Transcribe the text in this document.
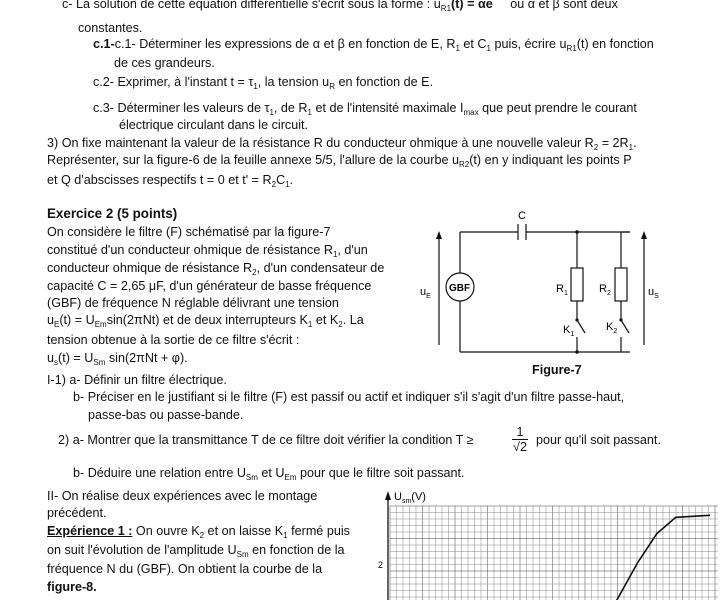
c- La solution de cette équation différentielle s'écrit sous la forme : $u_{R1}(t) = \alpha e$ ou α et β sont deux
constantes.
c.1-c.1- Déterminer les expressions de α et β en fonction de E, $R_1$ et $C_1$ puis, écrire $u_{R1}(t)$ en fonction
de ces grandeurs.
c.2- Exprimer, à l'instant $t = \tau_1$, la tension $u_R$ en fonction de E.
c.3- Déterminer les valeurs de $\tau_1$, de $R_1$ et de l'intensité maximale $I_{max}$ que peut prendre le courant
électrique circulant dans le circuit.
3) On fixe maintenant la valeur de la résistance R du conducteur ohmique à une nouvelle valeur $R_2 = 2R_1$.
Représenter, sur la figure-6 de la feuille annexe 5/5, l'allure de la courbe $u_{R2}(t)$ en y indiquant les points P
et Q d'abscisses respectifs t = 0 et $t' = R_2C_1$.
Exercice 2 (5 points)
On considère le filtre (F) schématisé par la figure-7
constitué d'un conducteur ohmique de résistance $R_1$, d'un
conducteur ohmique de résistance $R_2$, d'un condensateur de
capacité C = 2,65 μF, d'un générateur de basse fréquence
(GBF) de fréquence N réglable délivrant une tension
$u_E(t) = U_{Em}\sin(2\pi Nt)$ et de deux interrupteurs $K_1$ et $K_2$. La
tension obtenue à la sortie de ce filtre s'écrit :
$u_s(t) = U_{Sm}$ sin(2πNt + φ).
I-1) a- Définir un filtre électrique.
b- Préciser en le justifiant si le filtre (F) est passif ou actif et indiquer s'il s'agit d'un filtre passe-haut,
passe-bas ou passe-bande.
2) a- Montrer que la transmittance T de ce filtre doit vérifier la condition T ≥
1
√2 pour qu'il soit passant.
b- Déduire une relation entre $U_{Sm}$ et $U_{Em}$ pour que le filtre soit passant.
II- On réalise deux expériences avec le montage
précédent.
Expérience 1 : On ouvre $K_2$ et on laisse $K_1$ fermé puis
on suit l'évolution de l'amplitude $U_{Sm}$ en fonction de la
fréquence N du (GBF). On obtient la courbe de la
figure-8.
C
GBF
$u_E$
$R_1$	$R_2$
$K_1$
$K_2$
$u_S$
Figure-7
$U_{sm}(V)$
2
